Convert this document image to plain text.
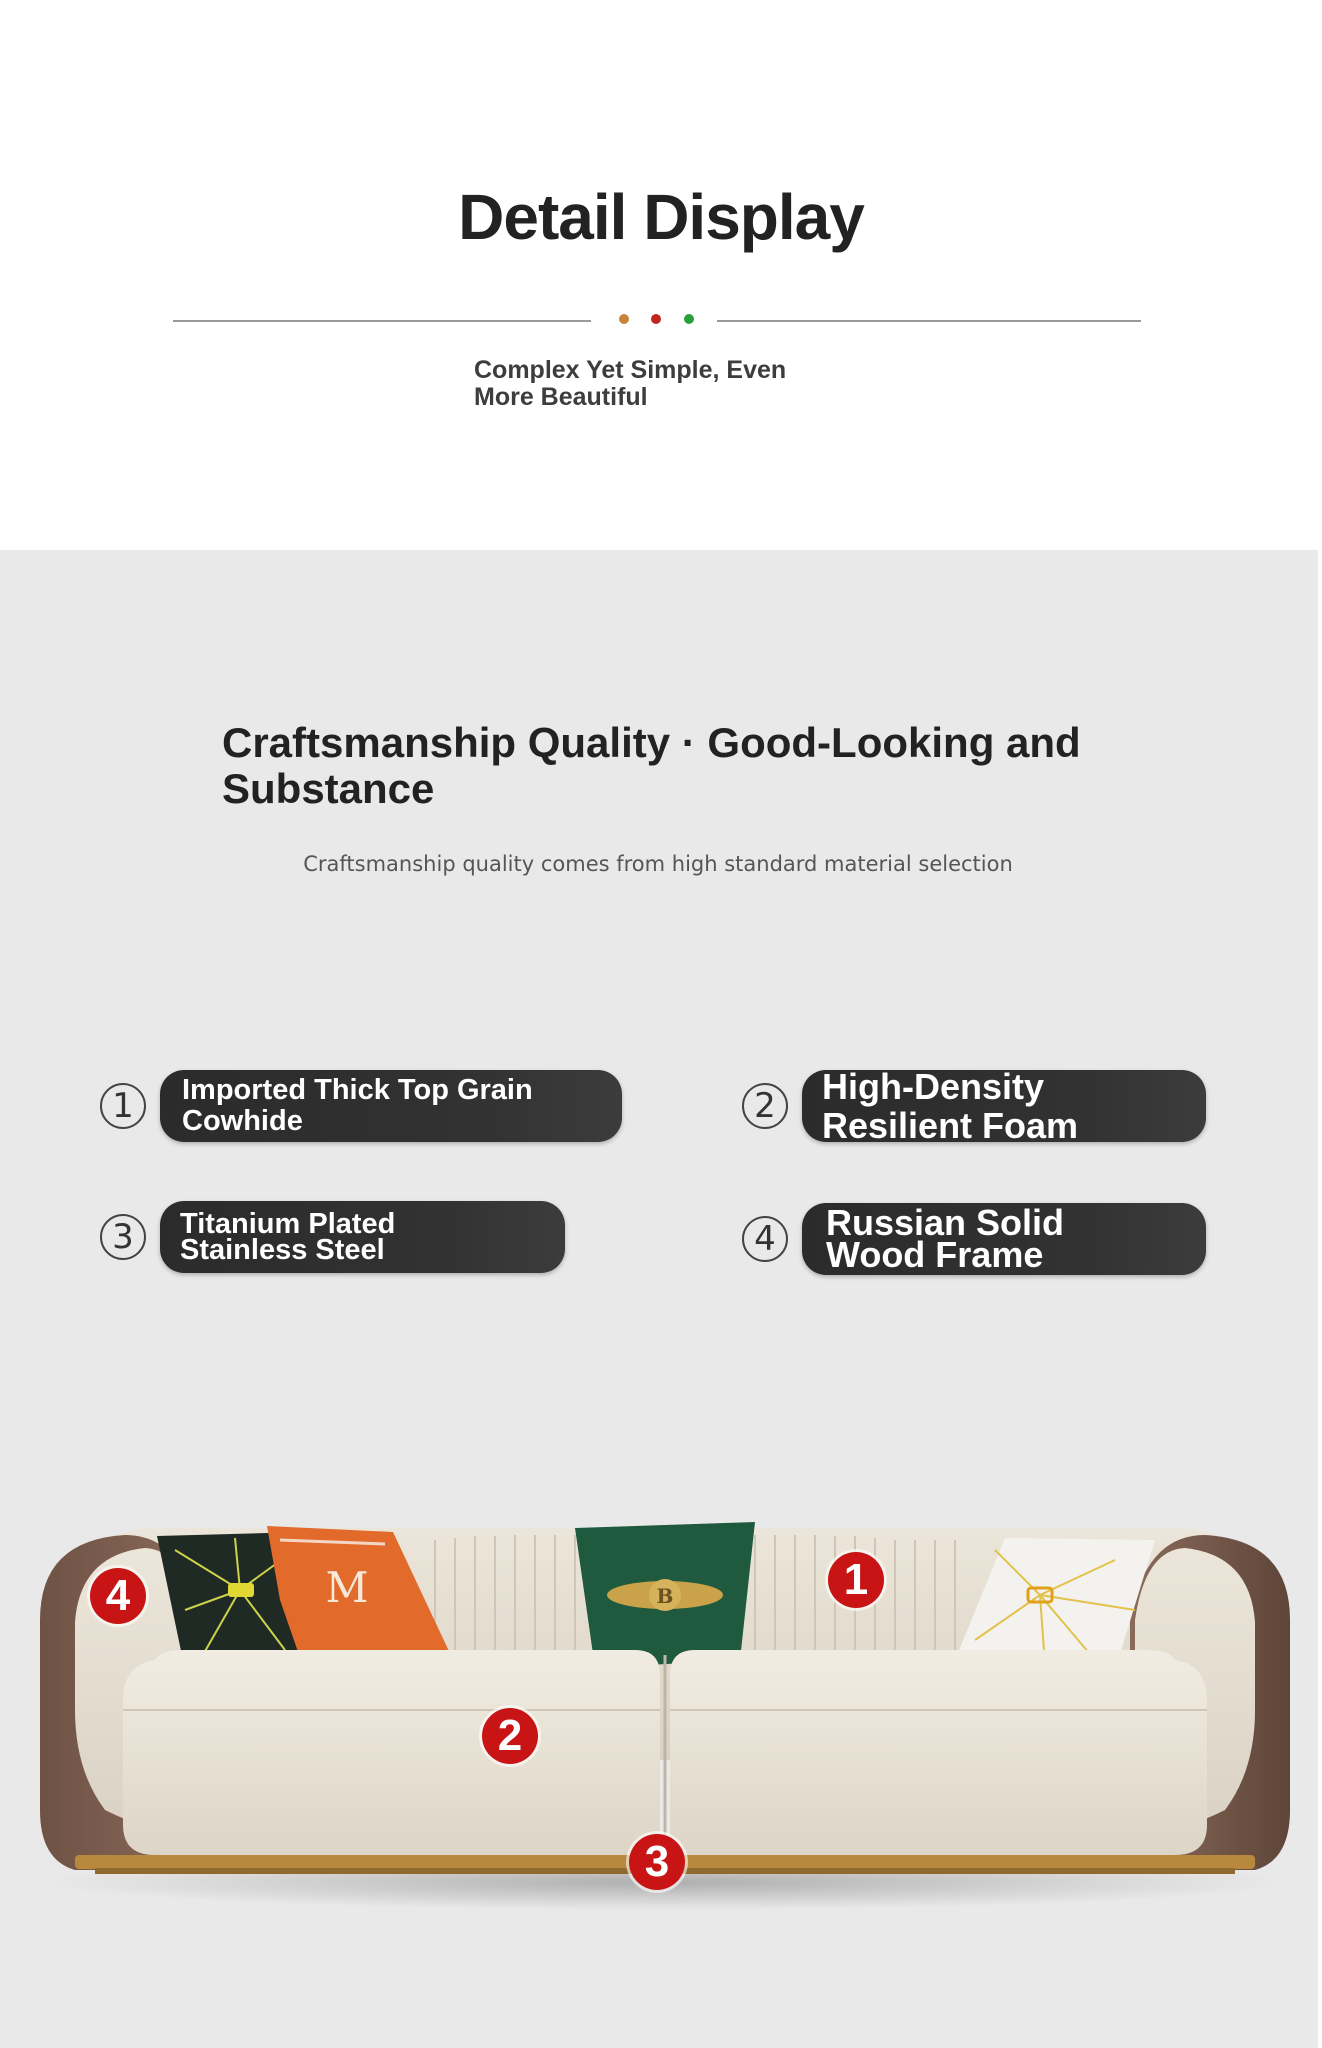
Detail Display
Complex Yet Simple, Even More Beautiful
Craftsmanship Quality · Good-Looking and Substance
Craftsmanship quality comes from high standard material selection
1	Imported Thick Top Grain Cowhide	2	High-Density Resilient Foam
3	Titanium Plated Stainless Steel	4	Russian Solid Wood Frame
M	B	1
2
3
4
